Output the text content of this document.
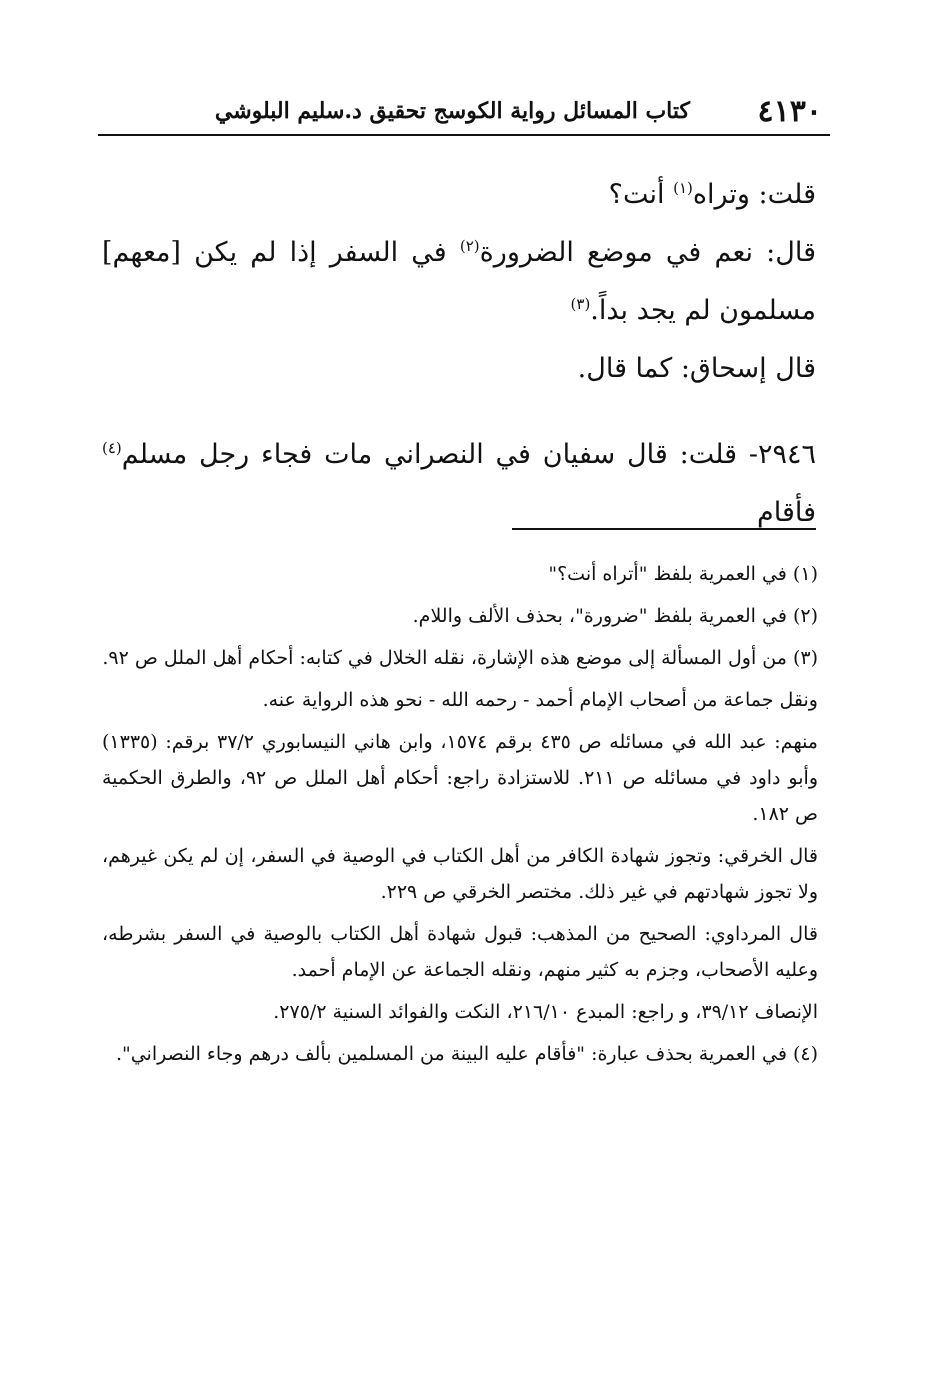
٤١٣٠
كتاب المسائل رواية الكوسج تحقيق د.سليم البلوشي

قلت: وتراه$^{(١)}$ أنت؟

قال: نعم في موضع الضرورة$^{(٢)}$ في السفر إذا لم يكن [معهم] مسلمون لم يجد بداً.$^{(٣)}$

قال إسحاق: كما قال.

٢٩٤٦- قلت: قال سفيان في النصراني مات فجاء رجل مسلم$^{(٤)}$ فأقام

(١) في العمرية بلفظ "أتراه أنت؟"

(٢) في العمرية بلفظ "ضرورة"، بحذف الألف واللام.

(٣) من أول المسألة إلى موضع هذه الإشارة، نقله الخلال في كتابه: أحكام أهل الملل ص ٩٢.

ونقل جماعة من أصحاب الإمام أحمد - رحمه الله - نحو هذه الرواية عنه.

منهم: عبد الله في مسائله ص ٤٣٥ برقم ١٥٧٤، وابن هاني النيسابوري ٣٧/٢ برقم: (١٣٣٥) وأبو داود في مسائله ص ٢١١. للاستزادة راجع: أحكام أهل الملل ص ٩٢، والطرق الحكمية ص ١٨٢.

قال الخرقي: وتجوز شهادة الكافر من أهل الكتاب في الوصية في السفر، إن لم يكن غيرهم، ولا تجوز شهادتهم في غير ذلك. مختصر الخرقي ص ٢٢٩.

قال المرداوي: الصحيح من المذهب: قبول شهادة أهل الكتاب بالوصية في السفر بشرطه، وعليه الأصحاب، وجزم به كثير منهم، ونقله الجماعة عن الإمام أحمد.

الإنصاف ٣٩/١٢، و راجع: المبدع ٢١٦/١٠، النكت والفوائد السنية ٢٧٥/٢.

(٤) في العمرية بحذف عبارة: "فأقام عليه البينة من المسلمين بألف درهم وجاء النصراني".
